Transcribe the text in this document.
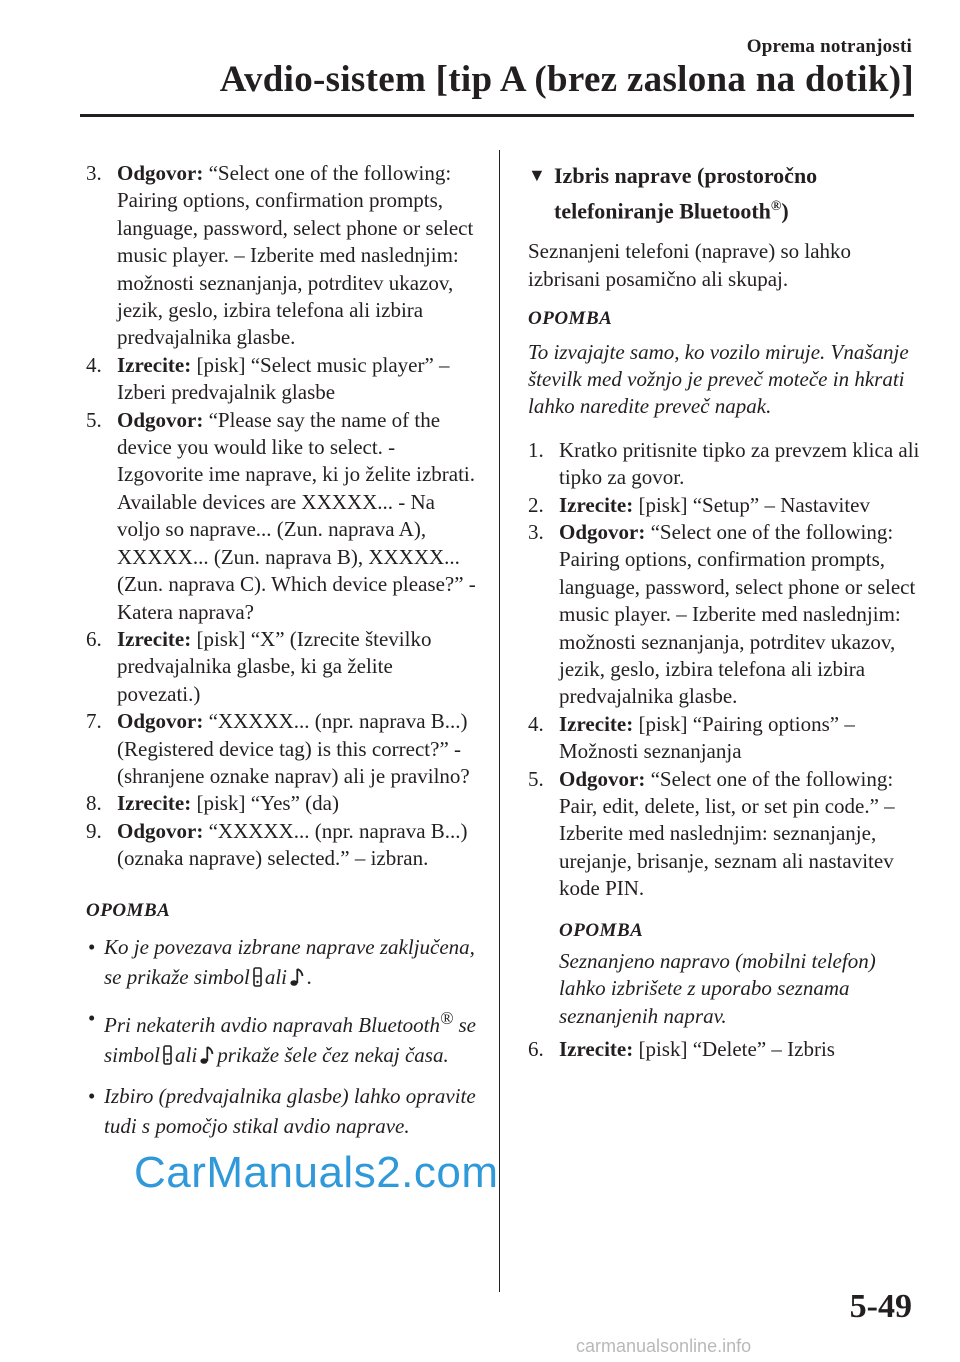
Oprema notranjosti
Avdio-sistem [tip A (brez zaslona na dotik)]
3. Odgovor: “Select one of the following: Pairing options, confirmation prompts, language, password, select phone or select music player. – Izberite med naslednjim: možnosti seznanjanja, potrditev ukazov, jezik, geslo, izbira telefona ali izbira predvajalnika glasbe.
4. Izrecite: [pisk] “Select music player” – Izberi predvajalnik glasbe
5. Odgovor: “Please say the name of the device you would like to select. - Izgovorite ime naprave, ki jo želite izbrati. Available devices are XXXXX... - Na voljo so naprave... (Zun. naprava A), XXXXX... (Zun. naprava B), XXXXX... (Zun. naprava C). Which device please?” - Katera naprava?
6. Izrecite: [pisk] “X” (Izrecite številko predvajalnika glasbe, ki ga želite povezati.)
7. Odgovor: “XXXXX... (npr. naprava B...) (Registered device tag) is this correct?” - (shranjene oznake naprav) ali je pravilno?
8. Izrecite: [pisk] “Yes” (da)
9. Odgovor: “XXXXX... (npr. naprava B...) (oznaka naprave) selected.” – izbran.
OPOMBA
• Ko je povezava izbrane naprave zaključena, se prikaže simbol ali .
• Pri nekaterih avdio napravah Bluetooth® se simbol ali prikaže šele čez nekaj časa.
• Izbiro (predvajalnika glasbe) lahko opravite tudi s pomočjo stikal avdio naprave.
▼ Izbris naprave (prostoročno telefoniranje Bluetooth®)

Seznanjeni telefoni (naprave) so lahko izbrisani posamično ali skupaj.

OPOMBA

To izvajajte samo, ko vozilo miruje. Vnašanje številk med vožnjo je preveč moteče in hkrati lahko naredite preveč napak.

1. Kratko pritisnite tipko za prevzem klica ali tipko za govor.
2. Izrecite: [pisk] “Setup” – Nastavitev
3. Odgovor: “Select one of the following: Pairing options, confirmation prompts, language, password, select phone or select music player. – Izberite med naslednjim: možnosti seznanjanja, potrditev ukazov, jezik, geslo, izbira telefona ali izbira predvajalnika glasbe.
4. Izrecite: [pisk] “Pairing options” – Možnosti seznanjanja
5. Odgovor: “Select one of the following: Pair, edit, delete, list, or set pin code.” – Izberite med naslednjim: seznanjanje, urejanje, brisanje, seznam ali nastavitev kode PIN.
OPOMBA
Seznanjeno napravo (mobilni telefon) lahko izbrišete z uporabo seznama seznanjenih naprav.
6. Izrecite: [pisk] “Delete” – Izbris
CarManuals2.com
5-49
carmanualsonline.info
